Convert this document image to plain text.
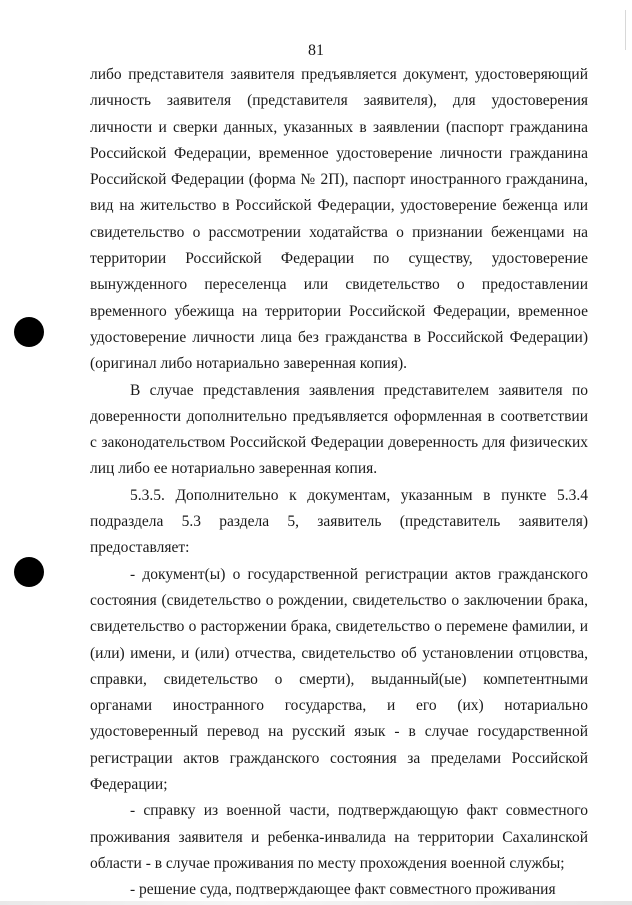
81

либо представителя заявителя предъявляется документ, удостоверяющий личность заявителя (представителя заявителя), для удостоверения личности и сверки данных, указанных в заявлении (паспорт гражданина Российской Федерации, временное удостоверение личности гражданина Российской Федерации (форма № 2П), паспорт иностранного гражданина, вид на жительство в Российской Федерации, удостоверение беженца или свидетельство о рассмотрении ходатайства о признании беженцами на территории Российской Федерации по существу, удостоверение вынужденного переселенца или свидетельство о предоставлении временного убежища на территории Российской Федерации, временное удостоверение личности лица без гражданства в Российской Федерации) (оригинал либо нотариально заверенная копия).

В случае представления заявления представителем заявителя по доверенности дополнительно предъявляется оформленная в соответствии с законодательством Российской Федерации доверенность для физических лиц либо ее нотариально заверенная копия.

5.3.5. Дополнительно к документам, указанным в пункте 5.3.4 подраздела 5.3 раздела 5, заявитель (представитель заявителя) предоставляет:

- документ(ы) о государственной регистрации актов гражданского состояния (свидетельство о рождении, свидетельство о заключении брака, свидетельство о расторжении брака, свидетельство о перемене фамилии, и (или) имени, и (или) отчества, свидетельство об установлении отцовства, справки, свидетельство о смерти), выданный(ые) компетентными органами иностранного государства, и его (их) нотариально удостоверенный перевод на русский язык - в случае государственной регистрации актов гражданского состояния за пределами Российской Федерации;

- справку из военной части, подтверждающую факт совместного проживания заявителя и ребенка-инвалида на территории Сахалинской области - в случае проживания по месту прохождения военной службы;

- решение суда, подтверждающее факт совместного проживания
